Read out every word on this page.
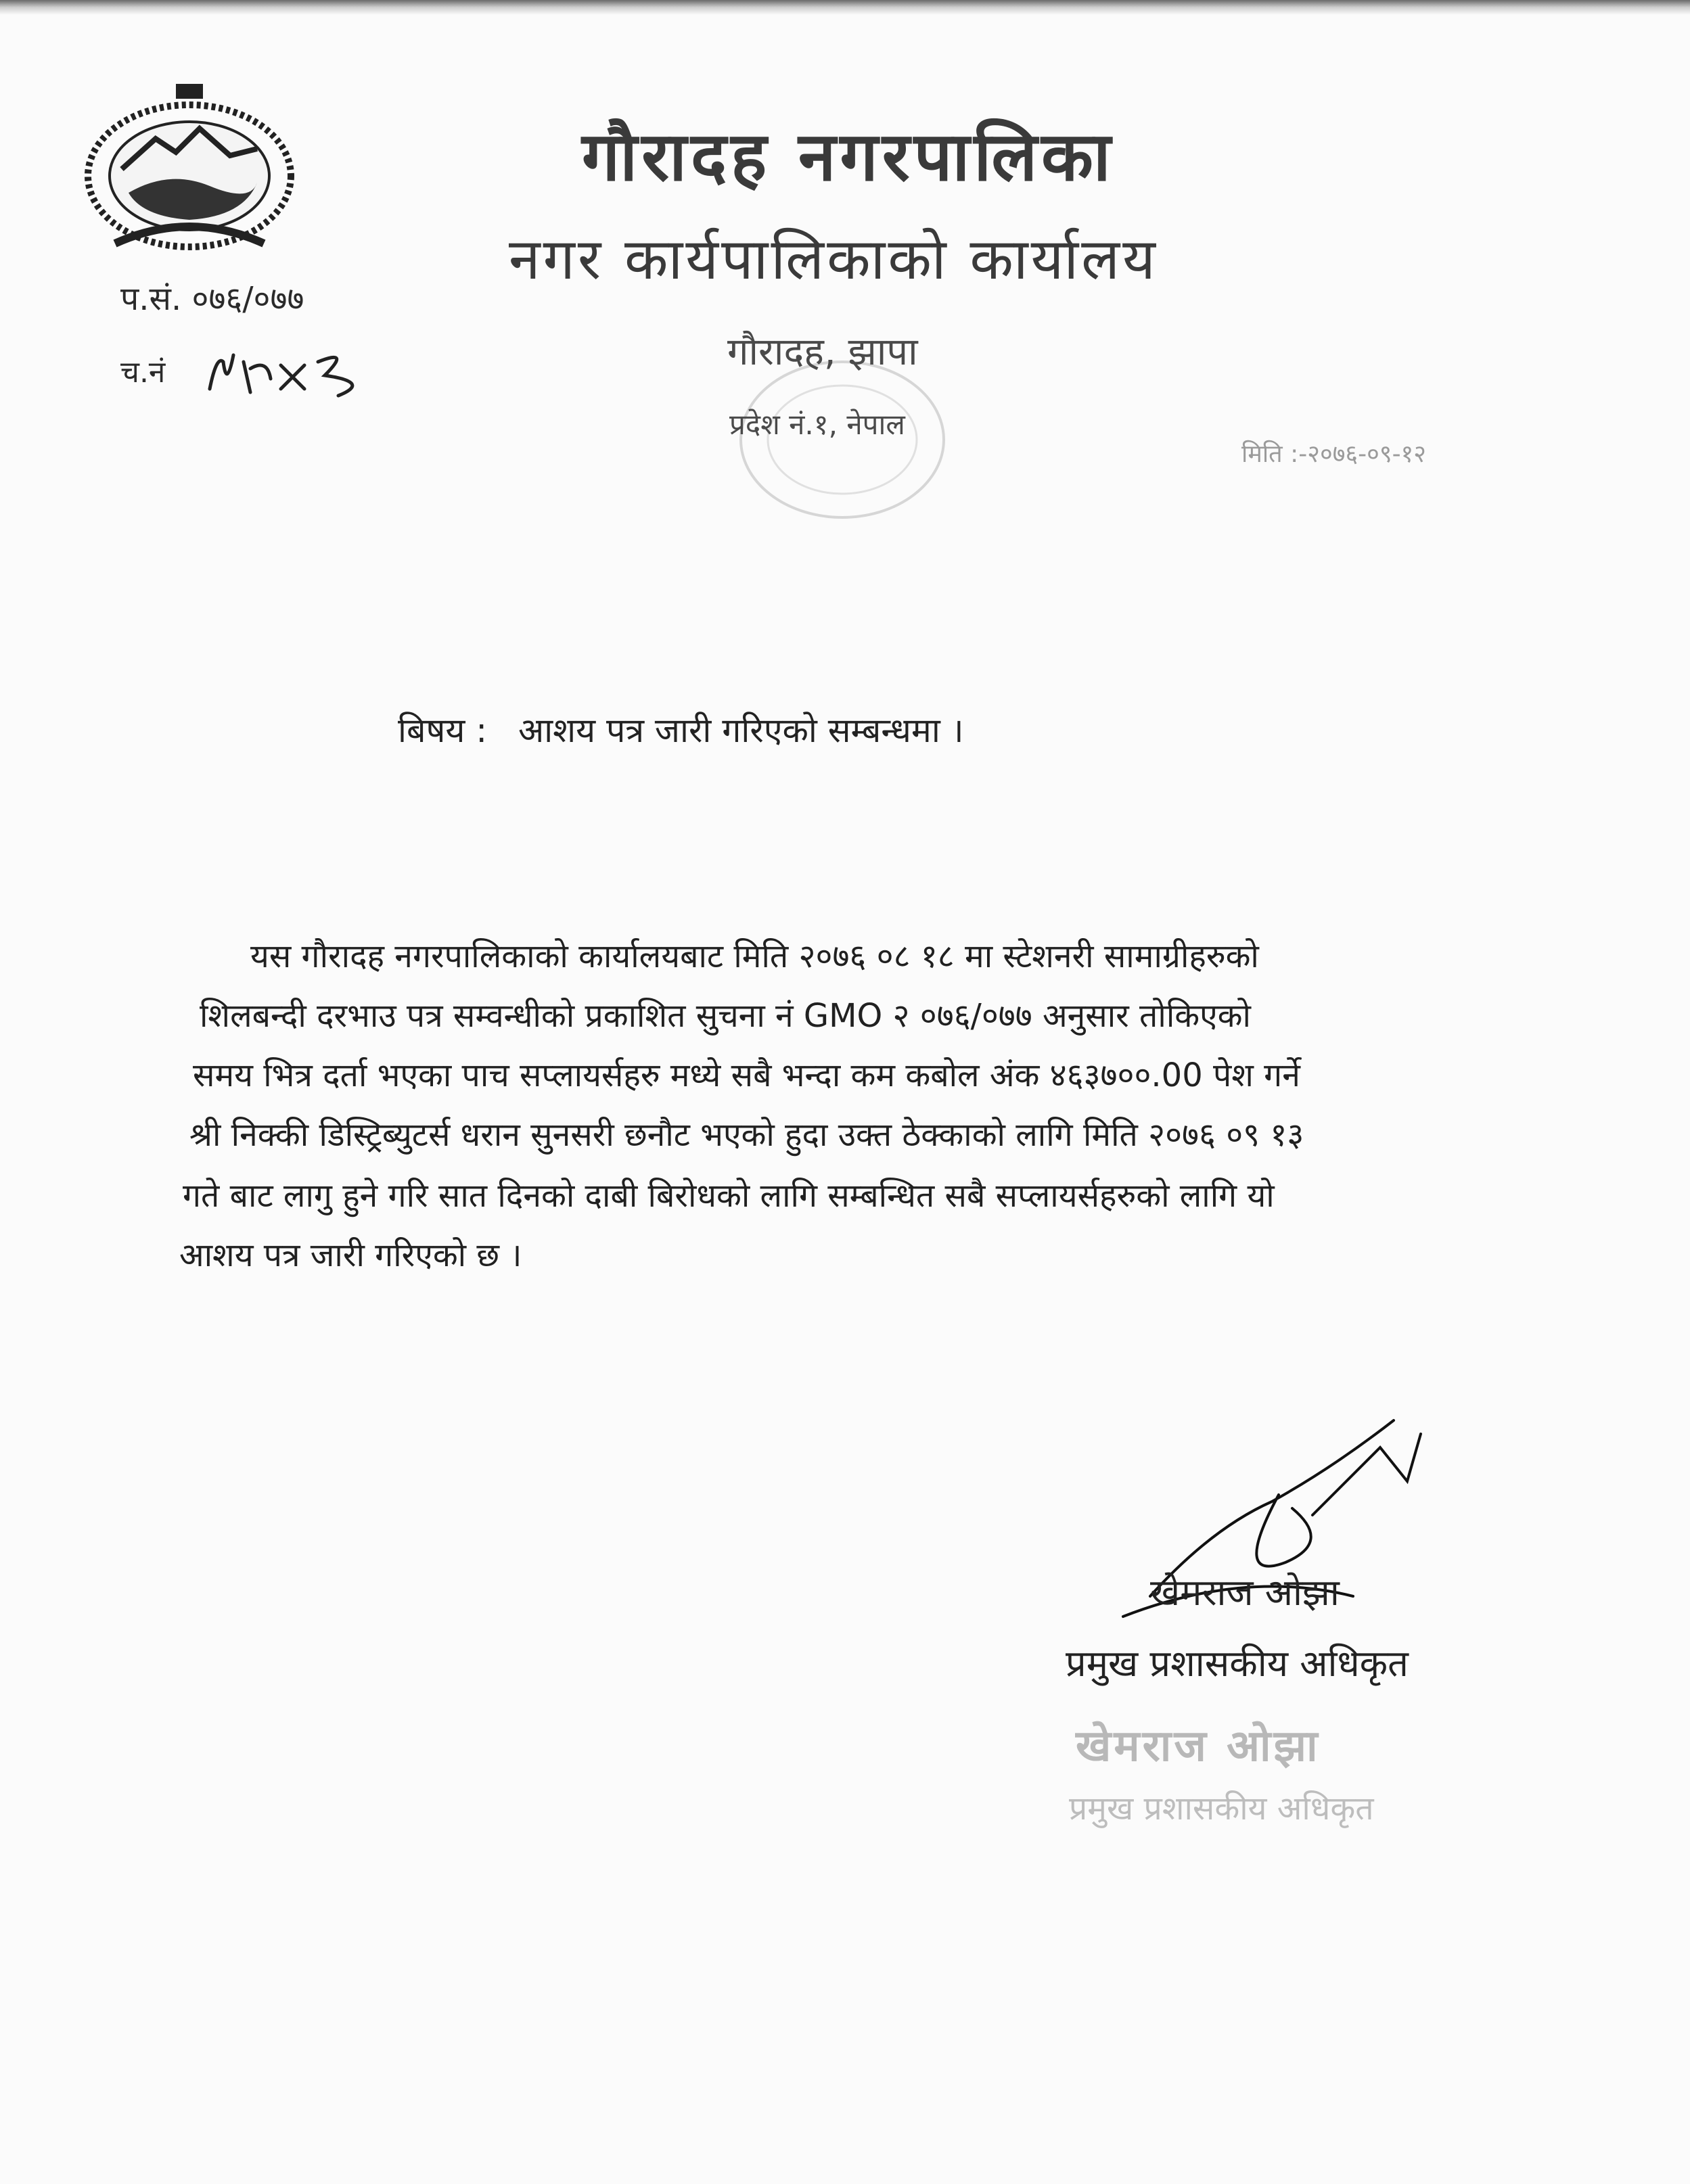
गौरादह नगरपालिका
नगर कार्यपालिकाको कार्यालय
गौरादह, झापा
प्रदेश नं.१, नेपाल
प.सं. ०७६/०७७
च.नं
मिति :-२०७६-०९-१२
बिषय : आशय पत्र जारी गरिएको सम्बन्धमा ।
यस गौरादह नगरपालिकाको कार्यालयबाट मिति २०७६ ०८ १८ मा स्टेशनरी सामाग्रीहरुको
शिलबन्दी दरभाउ पत्र सम्वन्धीको प्रकाशित सुचना नं GMO २ ०७६/०७७ अनुसार तोकिएको
समय भित्र दर्ता भएका पाच सप्लायर्सहरु मध्ये सबै भन्दा कम कबोल अंक ४६३७००.00 पेश गर्ने
श्री निक्की डिस्ट्रिब्युटर्स धरान सुनसरी छनौट भएको हुदा उक्त ठेक्काको लागि मिति २०७६ ०९ १३
गते बाट लागु हुने गरि सात दिनको दाबी बिरोधको लागि सम्बन्धित सबै सप्लायर्सहरुको लागि यो
आशय पत्र जारी गरिएको छ ।
खेमराज ओझा
प्रमुख प्रशासकीय अधिकृत
खेमराज ओझा
प्रमुख प्रशासकीय अधिकृत
